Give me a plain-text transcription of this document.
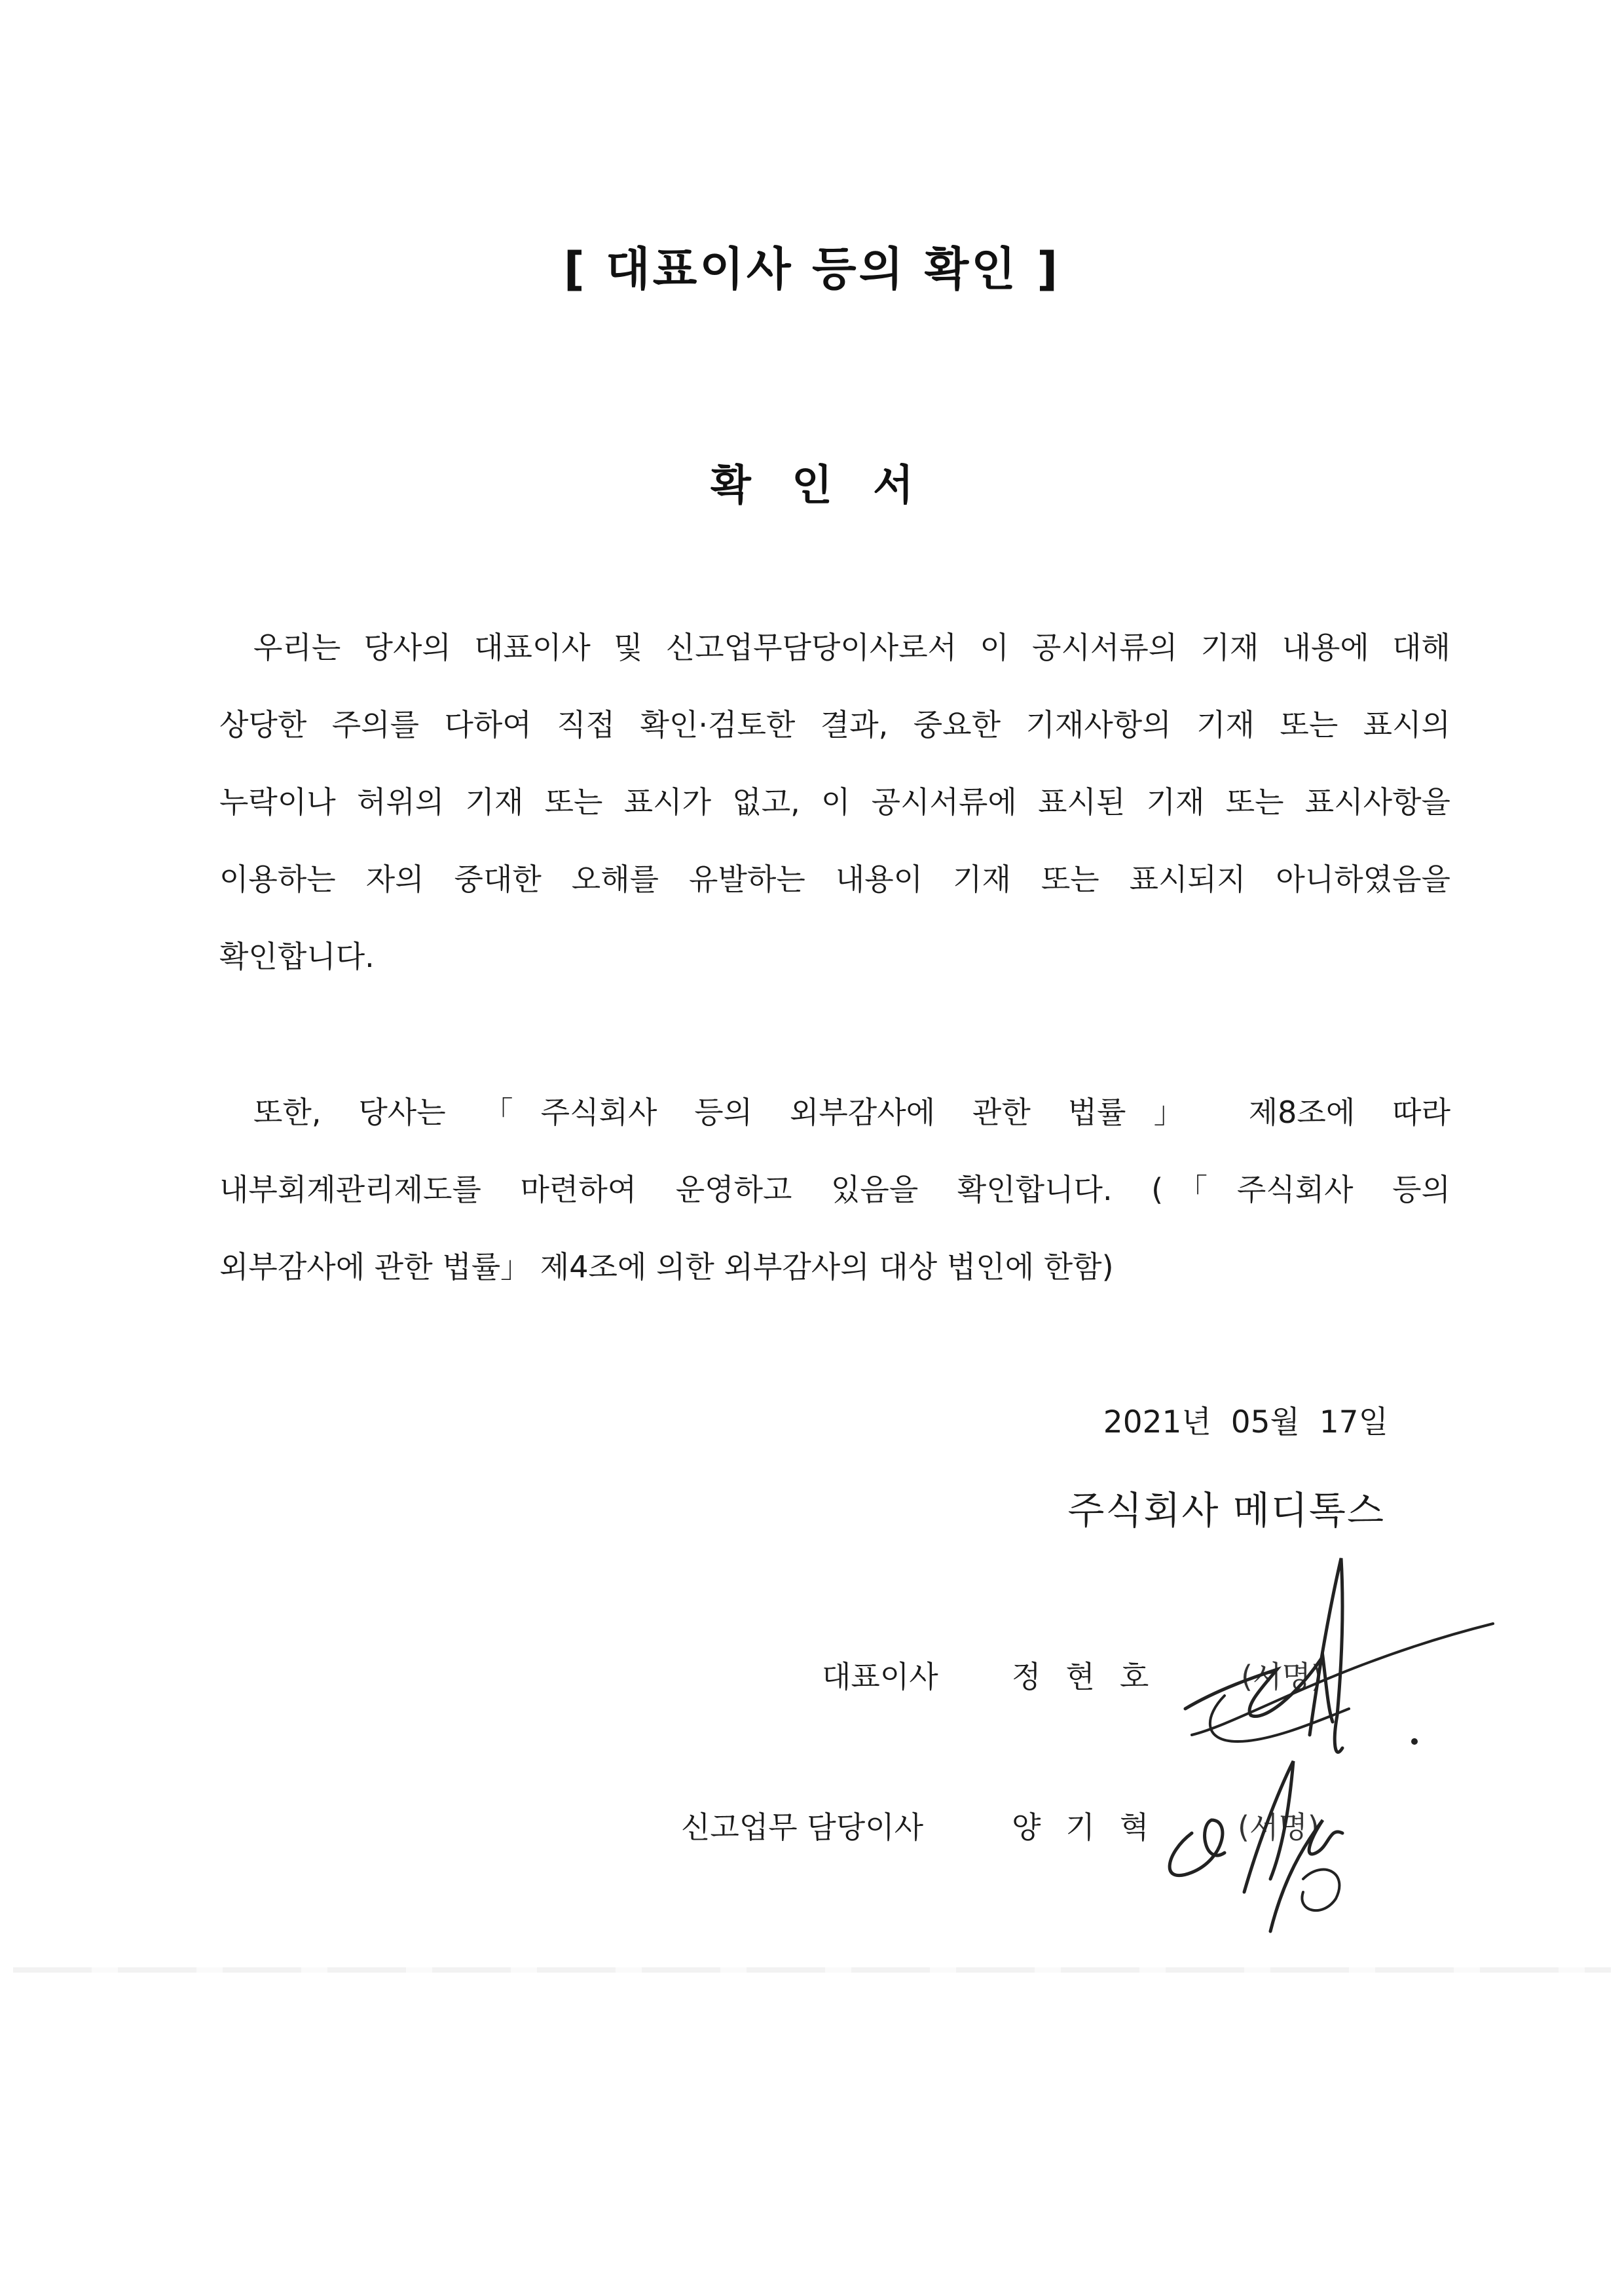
[ 대표이사 등의 확인 ]
확 인 서
우리는 당사의 대표이사 및 신고업무담당이사로서 이 공시서류의 기재 내용에 대해
상당한 주의를 다하여 직접 확인·검토한 결과, 중요한 기재사항의 기재 또는 표시의
누락이나 허위의 기재 또는 표시가 없고, 이 공시서류에 표시된 기재 또는 표시사항을
이용하는 자의 중대한 오해를 유발하는 내용이 기재 또는 표시되지 아니하였음을
확인합니다.
또한, 당사는 「주식회사 등의 외부감사에 관한 법률」 제8조에 따라
내부회계관리제도를 마련하여 운영하고 있음을 확인합니다. (「주식회사 등의
외부감사에 관한 법률」 제4조에 의한 외부감사의 대상 법인에 한함)
2021년  05월  17일
주식회사 메디톡스
대표이사 정현호 (서명)
신고업무 담당이사	양기혁 (서명)
